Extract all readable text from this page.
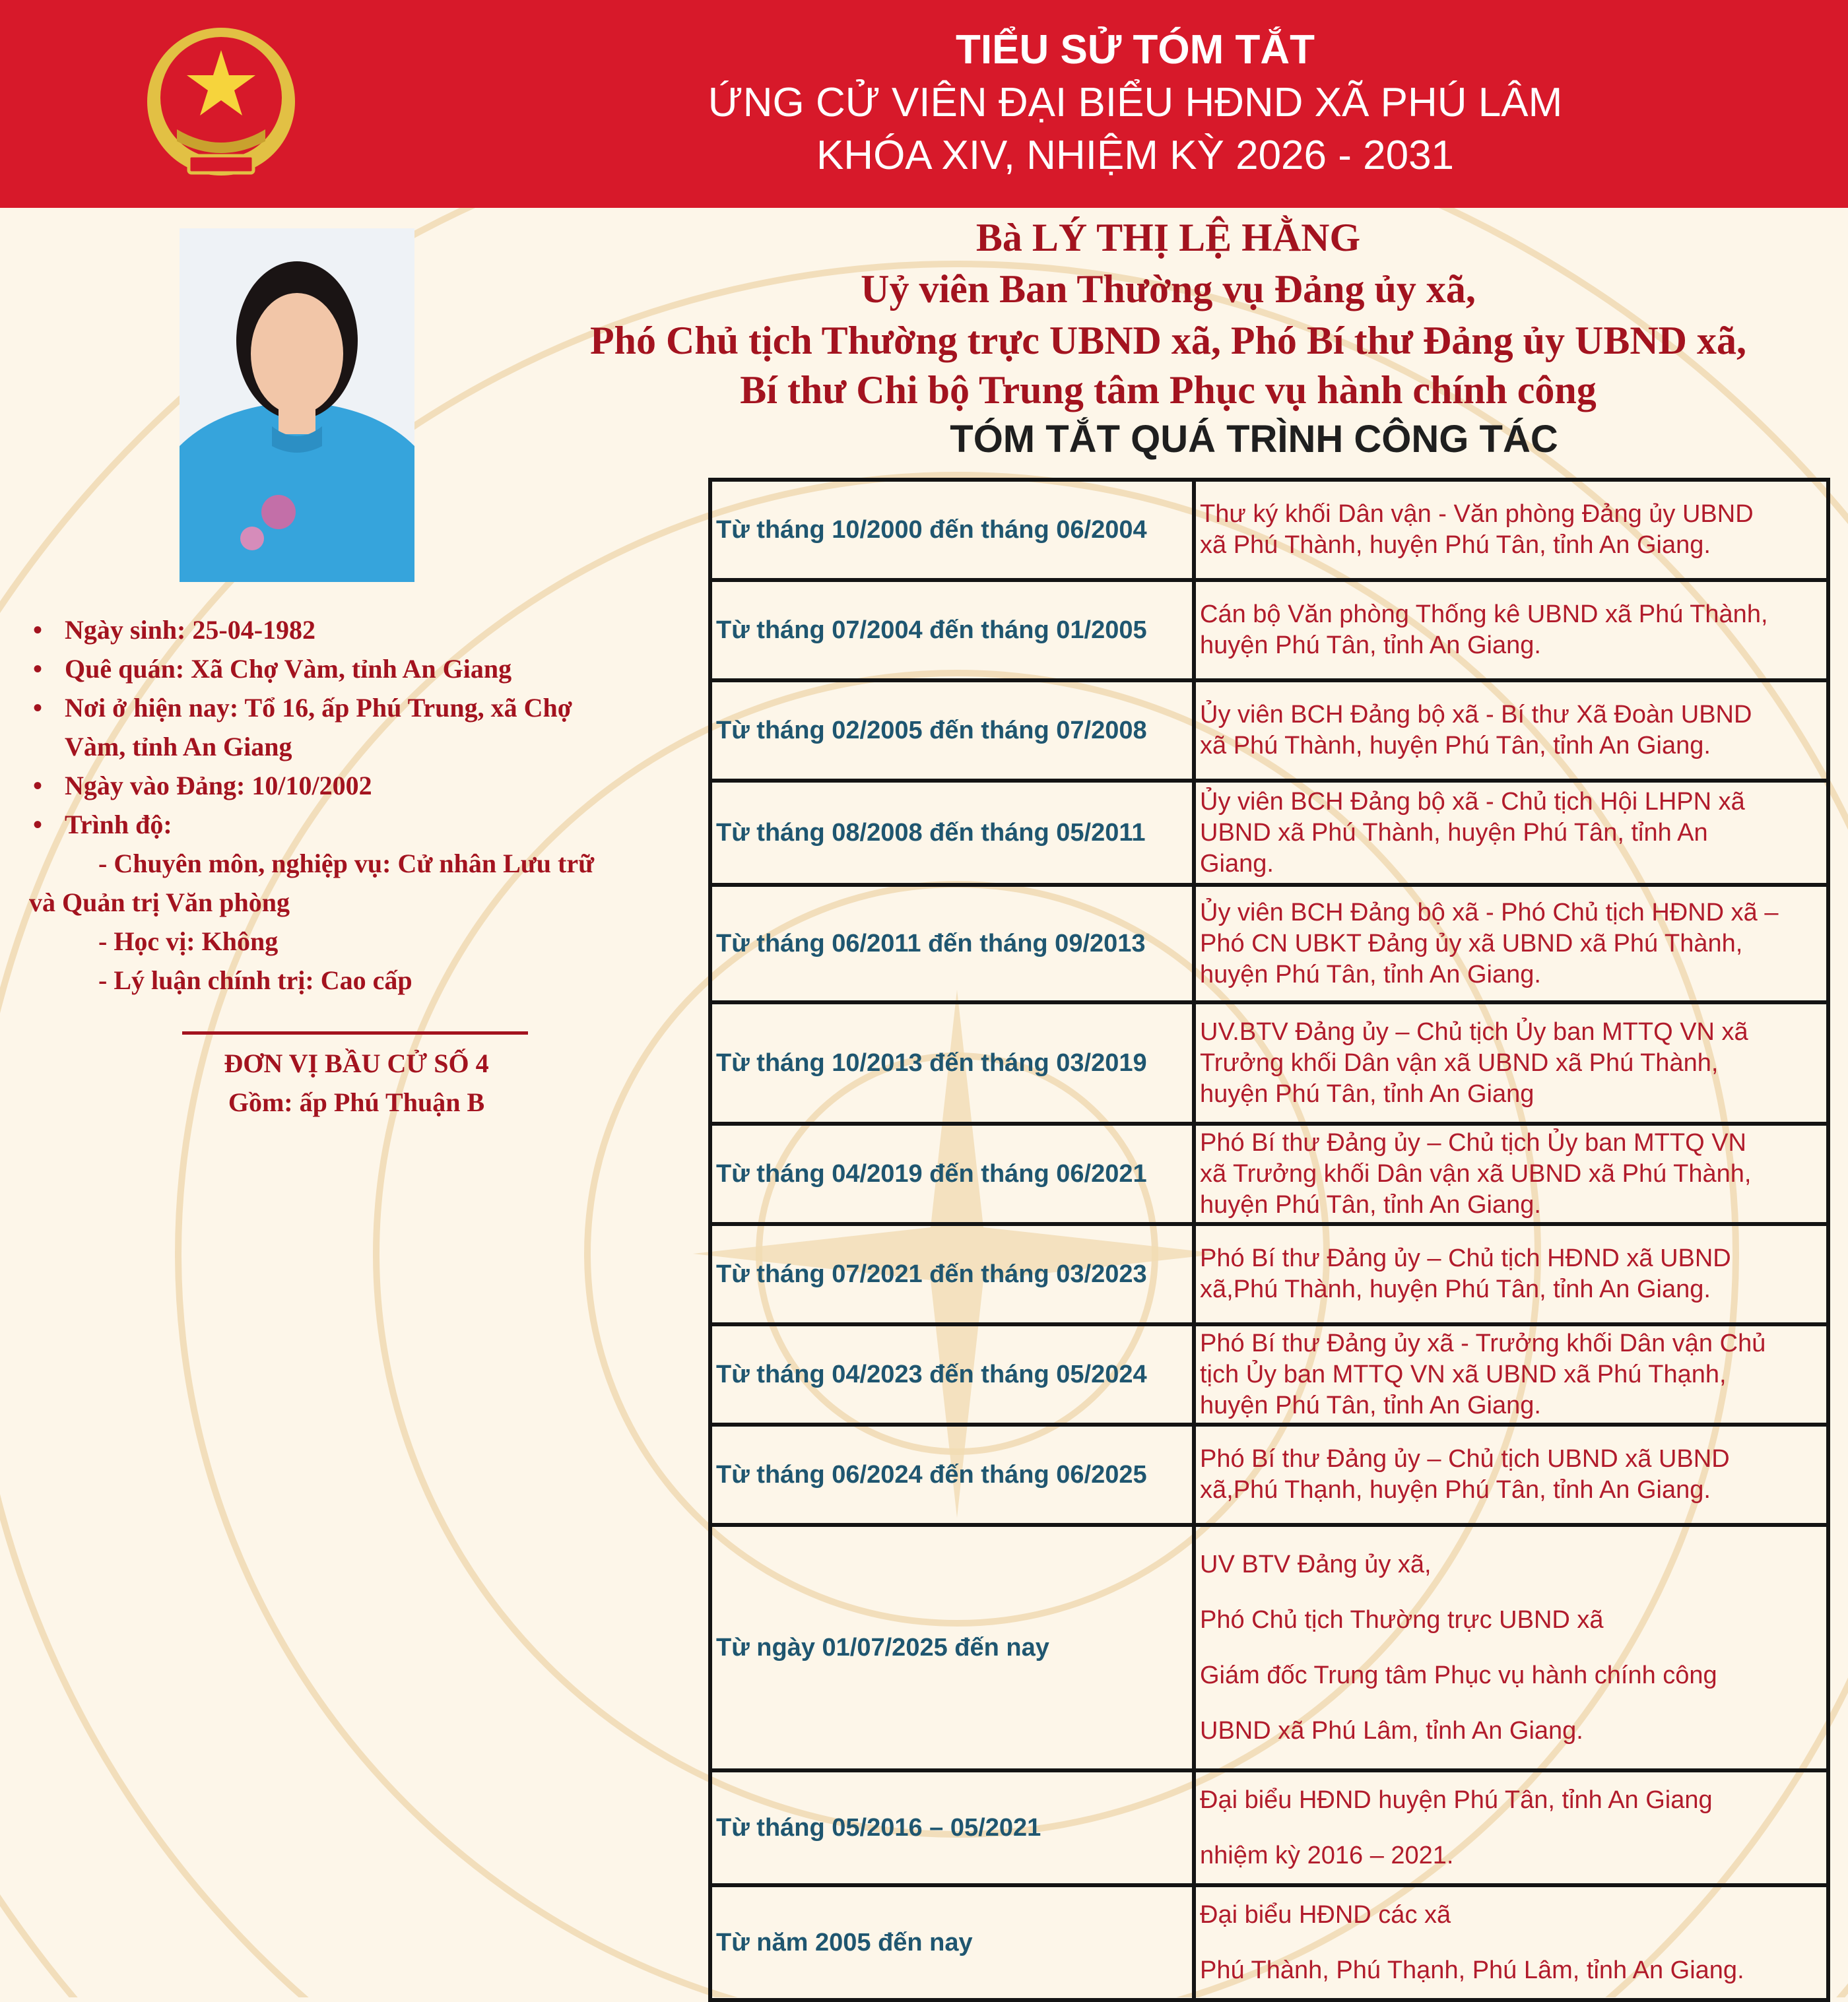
TIỂU SỬ TÓM TẮT
ỨNG CỬ VIÊN ĐẠI BIỂU HĐND XÃ PHÚ LÂM
KHÓA XIV, NHIỆM KỲ 2026 - 2031
Bà LÝ THỊ LỆ HẰNG
Uỷ viên Ban Thường vụ Đảng ủy xã,
Phó Chủ tịch Thường trực UBND xã, Phó Bí thư Đảng ủy UBND xã,
Bí thư Chi bộ Trung tâm Phục vụ hành chính công
TÓM TẮT QUÁ TRÌNH CÔNG TÁC
• Ngày sinh: 25-04-1982
• Quê quán: Xã Chợ Vàm, tỉnh An Giang
• Nơi ở hiện nay: Tổ 16, ấp Phú Trung, xã Chợ
Vàm, tỉnh An Giang
• Ngày vào Đảng: 10/10/2002
• Trình độ:
- Chuyên môn, nghiệp vụ: Cử nhân Lưu trữ
và Quản trị Văn phòng
- Học vị: Không
- Lý luận chính trị: Cao cấp
ĐƠN VỊ BẦU CỬ SỐ 4
Gồm: ấp Phú Thuận B
Từ tháng 10/2000 đến tháng 06/2004	Thư ký khối Dân vận - Văn phòng Đảng ủy UBND
xã Phú Thành, huyện Phú Tân, tỉnh An Giang.

Từ tháng 07/2004 đến tháng 01/2005	Cán bộ Văn phòng Thống kê UBND xã Phú Thành,
huyện Phú Tân, tỉnh An Giang.

Từ tháng 02/2005 đến tháng 07/2008	Ủy viên BCH Đảng bộ xã - Bí thư Xã Đoàn UBND
xã Phú Thành, huyện Phú Tân, tỉnh An Giang.

Từ tháng 08/2008 đến tháng 05/2011	Ủy viên BCH Đảng bộ xã - Chủ tịch Hội LHPN xã
UBND xã Phú Thành, huyện Phú Tân, tỉnh An
Giang.

Từ tháng 06/2011 đến tháng 09/2013	Ủy viên BCH Đảng bộ xã - Phó Chủ tịch HĐND xã –
Phó CN UBKT Đảng ủy xã UBND xã Phú Thành,
huyện Phú Tân, tỉnh An Giang.

Từ tháng 10/2013 đến tháng 03/2019	UV.BTV Đảng ủy – Chủ tịch Ủy ban MTTQ VN xã
Trưởng khối Dân vận xã UBND xã Phú Thành,
huyện Phú Tân, tỉnh An Giang

Từ tháng 04/2019 đến tháng 06/2021	Phó Bí thư Đảng ủy – Chủ tịch Ủy ban MTTQ VN
xã Trưởng khối Dân vận xã UBND xã Phú Thành,
huyện Phú Tân, tỉnh An Giang.

Từ tháng 07/2021 đến tháng 03/2023	Phó Bí thư Đảng ủy – Chủ tịch HĐND xã UBND
xã,Phú Thành, huyện Phú Tân, tỉnh An Giang.

Từ tháng 04/2023 đến tháng 05/2024	Phó Bí thư Đảng ủy xã - Trưởng khối Dân vận Chủ
tịch Ủy ban MTTQ VN xã UBND xã Phú Thạnh,
huyện Phú Tân, tỉnh An Giang.

Từ tháng 06/2024 đến tháng 06/2025	Phó Bí thư Đảng ủy – Chủ tịch UBND xã UBND
xã,Phú Thạnh, huyện Phú Tân, tỉnh An Giang.

Từ ngày 01/07/2025 đến nay	UV BTV Đảng ủy xã,
Phó Chủ tịch Thường trực UBND xã
Giám đốc Trung tâm Phục vụ hành chính công
UBND xã Phú Lâm, tỉnh An Giang.

Từ tháng 05/2016 – 05/2021	Đại biểu HĐND huyện Phú Tân, tỉnh An Giang
nhiệm kỳ 2016 – 2021.

Từ năm 2005 đến nay	Đại biểu HĐND các xã
Phú Thành, Phú Thạnh, Phú Lâm, tỉnh An Giang.
